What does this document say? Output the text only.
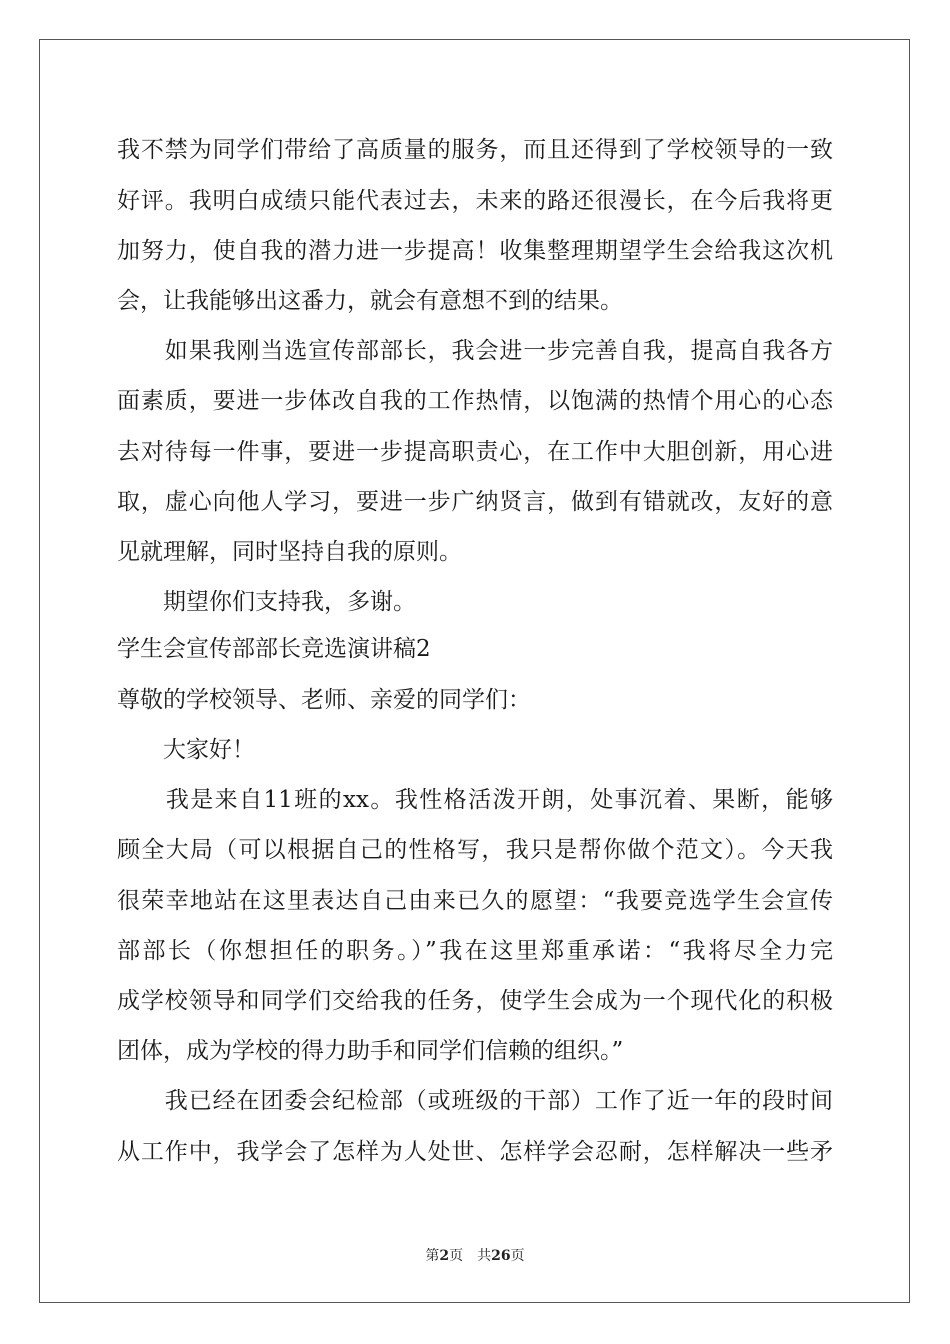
我不禁为同学们带给了高质量的服务，而且还得到了学校领导的一致
好评。我明白成绩只能代表过去，未来的路还很漫长，在今后我将更
加努力，使自我的潜力进一步提高！收集整理期望学生会给我这次机
会，让我能够出这番力，就会有意想不到的结果。
　　如果我刚当选宣传部部长，我会进一步完善自我，提高自我各方
面素质，要进一步体改自我的工作热情，以饱满的热情个用心的心态
去对待每一件事，要进一步提高职责心，在工作中大胆创新，用心进
取，虚心向他人学习，要进一步广纳贤言，做到有错就改，友好的意
见就理解，同时坚持自我的原则。
　　期望你们支持我，多谢。
学生会宣传部部长竞选演讲稿2
尊敬的学校领导、老师、亲爱的同学们：
　　大家好！
　　我是来自11班的xx。我性格活泼开朗，处事沉着、果断，能够
顾全大局（可以根据自己的性格写，我只是帮你做个范文）。今天我
很荣幸地站在这里表达自己由来已久的愿望：“我要竞选学生会宣传
部部长（你想担任的职务。）”我在这里郑重承诺：“我将尽全力完
成学校领导和同学们交给我的任务，使学生会成为一个现代化的积极
团体，成为学校的得力助手和同学们信赖的组织。”
　　我已经在团委会纪检部（或班级的干部）工作了近一年的段时间
从工作中，我学会了怎样为人处世、怎样学会忍耐，怎样解决一些矛
第2页 共26页
